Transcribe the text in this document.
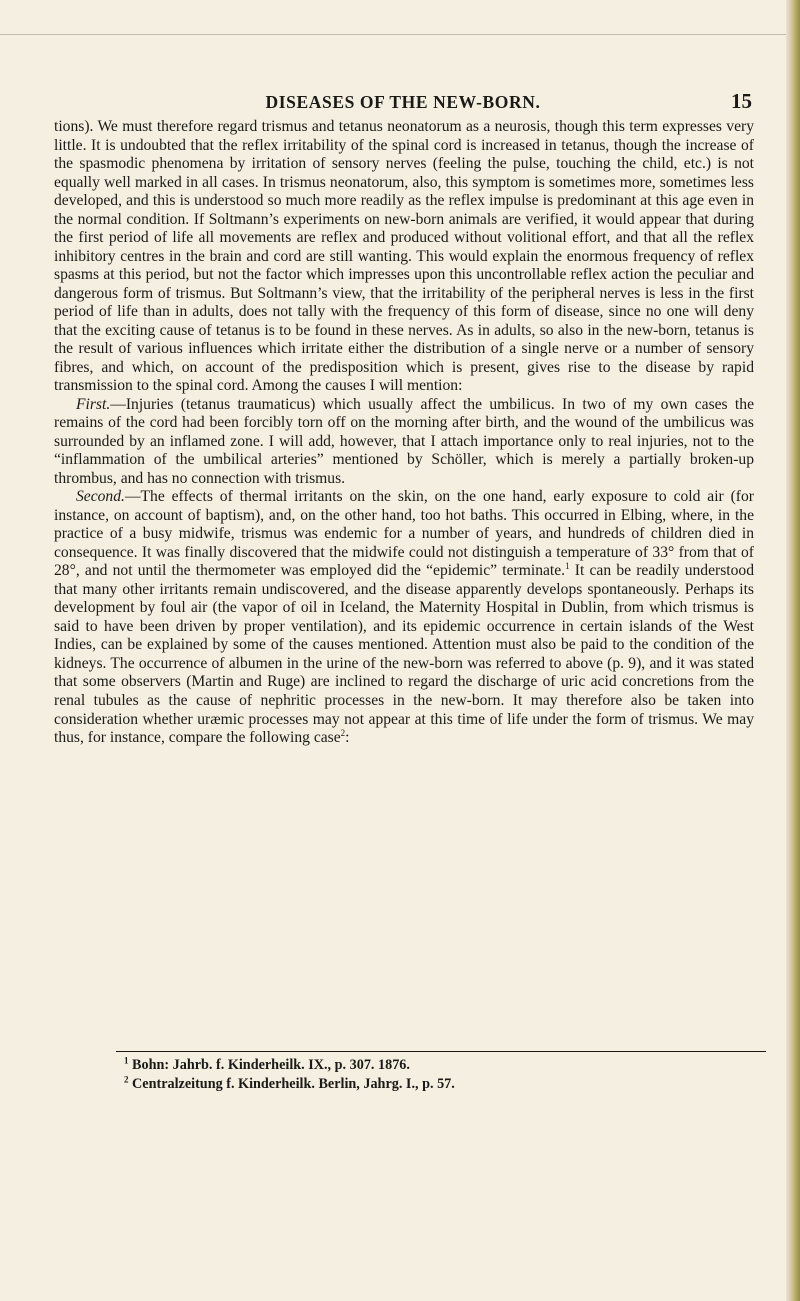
DISEASES OF THE NEW-BORN.	15

tions). We must therefore regard trismus and tetanus neonatorum as a neurosis, though this term expresses very little. It is undoubted that the reflex irritability of the spinal cord is increased in tetanus, though the increase of the spasmodic phenomena by irritation of sensory nerves (feeling the pulse, touching the child, etc.) is not equally well marked in all cases. In trismus neonatorum, also, this symptom is sometimes more, sometimes less developed, and this is understood so much more readily as the reflex impulse is predominant at this age even in the normal condition. If Soltmann’s experiments on new-born animals are verified, it would appear that during the first period of life all movements are reflex and produced without volitional effort, and that all the reflex inhibitory centres in the brain and cord are still wanting. This would explain the enormous frequency of reflex spasms at this period, but not the factor which impresses upon this uncontrollable reflex action the peculiar and dangerous form of trismus. But Soltmann’s view, that the irritability of the peripheral nerves is less in the first period of life than in adults, does not tally with the frequency of this form of disease, since no one will deny that the exciting cause of tetanus is to be found in these nerves. As in adults, so also in the new-born, tetanus is the result of various influences which irritate either the distribution of a single nerve or a number of sensory fibres, and which, on account of the predisposition which is present, gives rise to the disease by rapid transmission to the spinal cord. Among the causes I will mention:

First.—Injuries (tetanus traumaticus) which usually affect the umbilicus. In two of my own cases the remains of the cord had been forcibly torn off on the morning after birth, and the wound of the umbilicus was surrounded by an inflamed zone. I will add, however, that I attach importance only to real injuries, not to the “inflammation of the umbilical arteries” mentioned by Schöller, which is merely a partially broken-up thrombus, and has no connection with trismus.

Second.—The effects of thermal irritants on the skin, on the one hand, early exposure to cold air (for instance, on account of baptism), and, on the other hand, too hot baths. This occurred in Elbing, where, in the practice of a busy midwife, trismus was endemic for a number of years, and hundreds of children died in consequence. It was finally discovered that the midwife could not distinguish a temperature of 33° from that of 28°, and not until the thermometer was employed did the “epidemic” terminate.$^1$ It can be readily understood that many other irritants remain undiscovered, and the disease apparently develops spontaneously. Perhaps its development by foul air (the vapor of oil in Iceland, the Maternity Hospital in Dublin, from which trismus is said to have been driven by proper ventilation), and its epidemic occurrence in certain islands of the West Indies, can be explained by some of the causes mentioned. Attention must also be paid to the condition of the kidneys. The occurrence of albumen in the urine of the new-born was referred to above (p. 9), and it was stated that some observers (Martin and Ruge) are inclined to regard the discharge of uric acid concretions from the renal tubules as the cause of nephritic processes in the new-born. It may therefore also be taken into consideration whether uræmic processes may not appear at this time of life under the form of trismus. We may thus, for instance, compare the following case$^2$:

$^1$ Bohn: Jahrb. f. Kinderheilk. IX., p. 307. 1876.
$^2$ Centralzeitung f. Kinderheilk. Berlin, Jahrg. I., p. 57.
